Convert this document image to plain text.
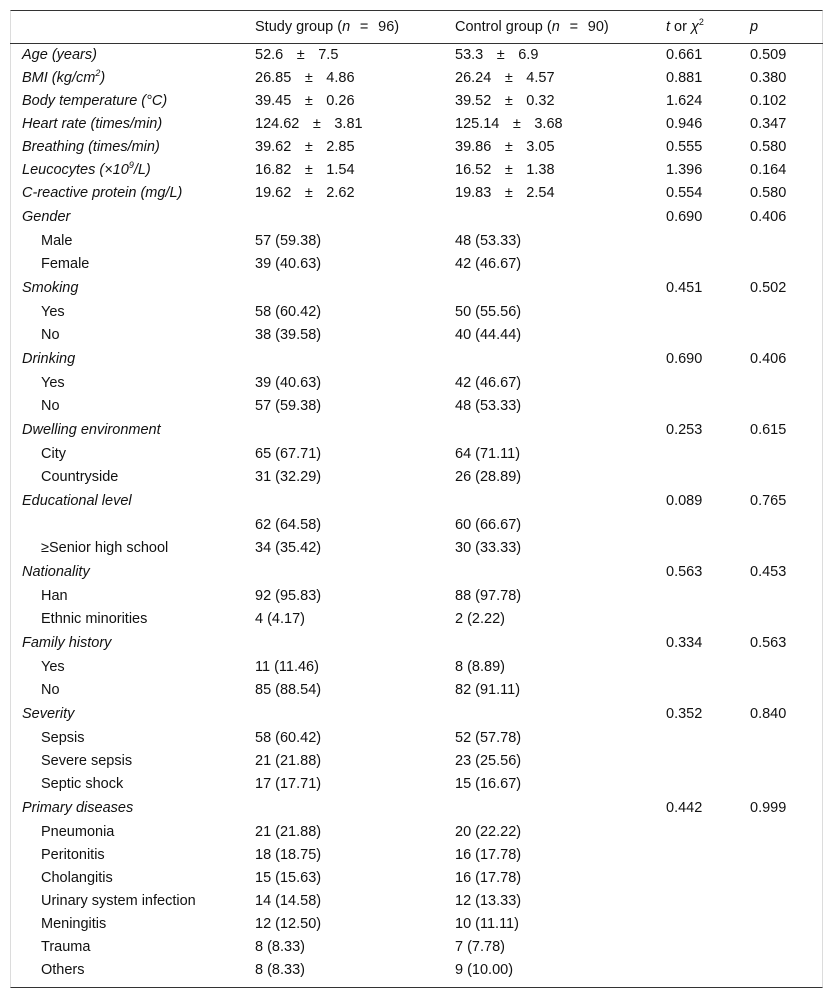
	Study group (n = 96)	Control group (n = 90)	t or $\chi^2$	p
Age (years)	52.6 ± 7.5	53.3 ± 6.9	0.661	0.509
BMI $(kg/cm^2)$	26.85 ± 4.86	26.24 ± 4.57	0.881	0.380
Body temperature (°C)	39.45 ± 0.26	39.52 ± 0.32	1.624	0.102
Heart rate (times/min)	124.62 ± 3.81	125.14 ± 3.68	0.946	0.347
Breathing (times/min)	39.62 ± 2.85	39.86 ± 3.05	0.555	0.580
Leucocytes $(\times 10^9/L)$	16.82 ± 1.54	16.52 ± 1.38	1.396	0.164
C-reactive protein (mg/L)	19.62 ± 2.62	19.83 ± 2.54	0.554	0.580
Gender			0.690	0.406
Male	57 (59.38)	48 (53.33)		
Female	39 (40.63)	42 (46.67)		
Smoking			0.451	0.502
Yes	58 (60.42)	50 (55.56)		
No	38 (39.58)	40 (44.44)		
Drinking			0.690	0.406
Yes	39 (40.63)	42 (46.67)		
No	57 (59.38)	48 (53.33)		
Dwelling environment			0.253	0.615
City	65 (67.71)	64 (71.11)		
Countryside	31 (32.29)	26 (28.89)		
Educational level			0.089	0.765
	62 (64.58)	60 (66.67)		
≥Senior high school	34 (35.42)	30 (33.33)		
Nationality			0.563	0.453
Han	92 (95.83)	88 (97.78)		
Ethnic minorities	4 (4.17)	2 (2.22)		
Family history			0.334	0.563
Yes	11 (11.46)	8 (8.89)		
No	85 (88.54)	82 (91.11)		
Severity			0.352	0.840
Sepsis	58 (60.42)	52 (57.78)		
Severe sepsis	21 (21.88)	23 (25.56)		
Septic shock	17 (17.71)	15 (16.67)		
Primary diseases			0.442	0.999
Pneumonia	21 (21.88)	20 (22.22)		
Peritonitis	18 (18.75)	16 (17.78)		
Cholangitis	15 (15.63)	16 (17.78)		
Urinary system infection	14 (14.58)	12 (13.33)		
Meningitis	12 (12.50)	10 (11.11)		
Trauma	8 (8.33)	7 (7.78)		
Others	8 (8.33)	9 (10.00)		
